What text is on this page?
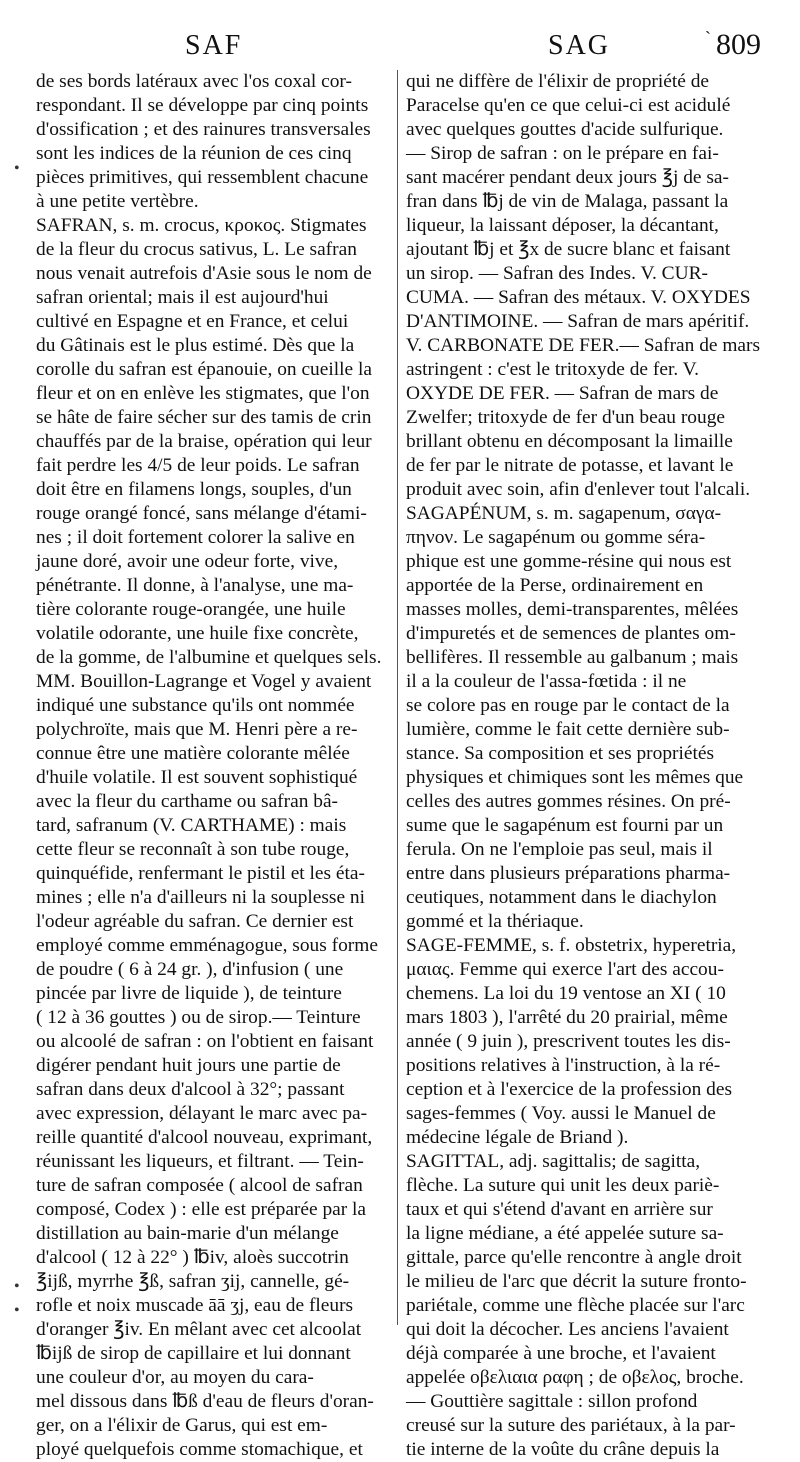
SAF	SAG	` 809
de ses bords latéraux avec l'os coxal cor-
respondant. Il se développe par cinq points
d'ossification ; et des rainures transversales
sont les indices de la réunion de ces cinq
pièces primitives, qui ressemblent chacune
à une petite vertèbre.
SAFRAN, s. m. crocus, κροκος. Stigmates
de la fleur du crocus sativus, L. Le safran
nous venait autrefois d'Asie sous le nom de
safran oriental; mais il est aujourd'hui
cultivé en Espagne et en France, et celui
du Gâtinais est le plus estimé. Dès que la
corolle du safran est épanouie, on cueille la
fleur et on en enlève les stigmates, que l'on
se hâte de faire sécher sur des tamis de crin
chauffés par de la braise, opération qui leur
fait perdre les 4/5 de leur poids. Le safran
doit être en filamens longs, souples, d'un
rouge orangé foncé, sans mélange d'étami-
nes ; il doit fortement colorer la salive en
jaune doré, avoir une odeur forte, vive,
pénétrante. Il donne, à l'analyse, une ma-
tière colorante rouge-orangée, une huile
volatile odorante, une huile fixe concrète,
de la gomme, de l'albumine et quelques sels.
MM. Bouillon-Lagrange et Vogel y avaient
indiqué une substance qu'ils ont nommée
polychroïte, mais que M. Henri père a re-
connue être une matière colorante mêlée
d'huile volatile. Il est souvent sophistiqué
avec la fleur du carthame ou safran bâ-
tard, safranum (V. CARTHAME) : mais
cette fleur se reconnaît à son tube rouge,
quinquéfide, renfermant le pistil et les éta-
mines ; elle n'a d'ailleurs ni la souplesse ni
l'odeur agréable du safran. Ce dernier est
employé comme emménagogue, sous forme
de poudre ( 6 à 24 gr. ), d'infusion ( une
pincée par livre de liquide ), de teinture
( 12 à 36 gouttes ) ou de sirop.— Teinture
ou alcoolé de safran : on l'obtient en faisant
digérer pendant huit jours une partie de
safran dans deux d'alcool à 32°; passant
avec expression, délayant le marc avec pa-
reille quantité d'alcool nouveau, exprimant,
réunissant les liqueurs, et filtrant. — Tein-
ture de safran composée ( alcool de safran
composé, Codex ) : elle est préparée par la
distillation au bain-marie d'un mélange
d'alcool ( 12 à 22° ) ℔iv, aloès succotrin
℥ijß, myrrhe ℥ß, safran ʒij, cannelle, gé-
rofle et noix muscade āā ʒj, eau de fleurs
d'oranger ℥iv. En mêlant avec cet alcoolat
℔ijß de sirop de capillaire et lui donnant
une couleur d'or, au moyen du cara-
mel dissous dans ℔ß d'eau de fleurs d'oran-
ger, on a l'élixir de Garus, qui est em-
ployé quelquefois comme stomachique, et
qui ne diffère de l'élixir de propriété de
Paracelse qu'en ce que celui-ci est acidulé
avec quelques gouttes d'acide sulfurique.
— Sirop de safran : on le prépare en fai-
sant macérer pendant deux jours ℥j de sa-
fran dans ℔j de vin de Malaga, passant la
liqueur, la laissant déposer, la décantant,
ajoutant ℔j et ℥x de sucre blanc et faisant
un sirop. — Safran des Indes. V. CUR-
CUMA. — Safran des métaux. V. OXYDES
D'ANTIMOINE. — Safran de mars apéritif.
V. CARBONATE DE FER.— Safran de mars
astringent : c'est le tritoxyde de fer. V.
OXYDE DE FER. — Safran de mars de
Zwelfer; tritoxyde de fer d'un beau rouge
brillant obtenu en décomposant la limaille
de fer par le nitrate de potasse, et lavant le
produit avec soin, afin d'enlever tout l'alcali.
SAGAPÉNUM, s. m. sagapenum, σαγα-
πηνον. Le sagapénum ou gomme séra-
phique est une gomme-résine qui nous est
apportée de la Perse, ordinairement en
masses molles, demi-transparentes, mêlées
d'impuretés et de semences de plantes om-
bellifères. Il ressemble au galbanum ; mais
il a la couleur de l'assa-fœtida : il ne
se colore pas en rouge par le contact de la
lumière, comme le fait cette dernière sub-
stance. Sa composition et ses propriétés
physiques et chimiques sont les mêmes que
celles des autres gommes résines. On pré-
sume que le sagapénum est fourni par un
ferula. On ne l'emploie pas seul, mais il
entre dans plusieurs préparations pharma-
ceutiques, notamment dans le diachylon
gommé et la thériaque.
SAGE-FEMME, s. f. obstetrix, hyperetria,
μαιας. Femme qui exerce l'art des accou-
chemens. La loi du 19 ventose an XI ( 10
mars 1803 ), l'arrêté du 20 prairial, même
année ( 9 juin ), prescrivent toutes les dis-
positions relatives à l'instruction, à la ré-
ception et à l'exercice de la profession des
sages-femmes ( Voy. aussi le Manuel de
médecine légale de Briand ).
SAGITTAL, adj. sagittalis; de sagitta,
flèche. La suture qui unit les deux pariè-
taux et qui s'étend d'avant en arrière sur
la ligne médiane, a été appelée suture sa-
gittale, parce qu'elle rencontre à angle droit
le milieu de l'arc que décrit la suture fronto-
pariétale, comme une flèche placée sur l'arc
qui doit la décocher. Les anciens l'avaient
déjà comparée à une broche, et l'avaient
appelée οβελιαια ραφη ; de οβελος, broche.
— Gouttière sagittale : sillon profond
creusé sur la suture des pariétaux, à la par-
tie interne de la voûte du crâne depuis la
•
•
•
